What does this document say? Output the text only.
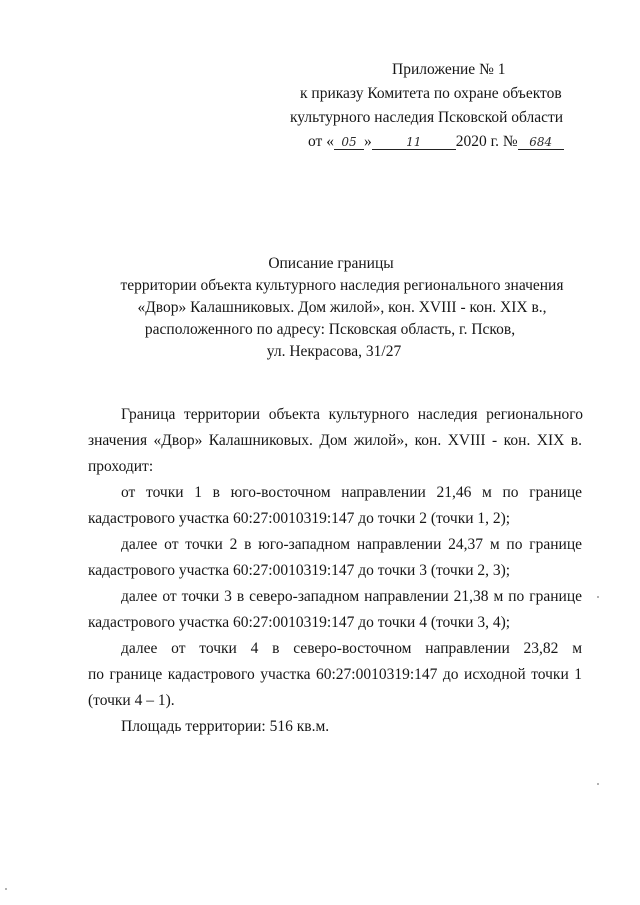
Приложение № 1
к приказу Комитета по охране объектов
культурного наследия Псковской области
от « 05 »	11 2020 г. № 684
Описание границы
территории объекта культурного наследия регионального значения
«Двор» Калашниковых. Дом жилой», кон. XVIII - кон. XIX в.,
расположенного по адресу: Псковская область, г. Псков,
ул. Некрасова, 31/27
Граница территории объекта культурного наследия регионального
значения «Двор» Калашниковых. Дом жилой», кон. XVIII - кон. XIX в.
проходит:
от точки 1 в юго-восточном направлении 21,46 м по границе
кадастрового участка 60:27:0010319:147 до точки 2 (точки 1, 2);
далее от точки 2 в юго-западном направлении 24,37 м по границе
кадастрового участка 60:27:0010319:147 до точки 3 (точки 2, 3);
далее от точки 3 в северо-западном направлении 21,38 м по границе
кадастрового участка 60:27:0010319:147 до точки 4 (точки 3, 4);
далее от точки 4 в северо-восточном направлении 23,82 м
по границе кадастрового участка 60:27:0010319:147 до исходной точки 1
(точки 4 – 1).
Площадь территории: 516 кв.м.
